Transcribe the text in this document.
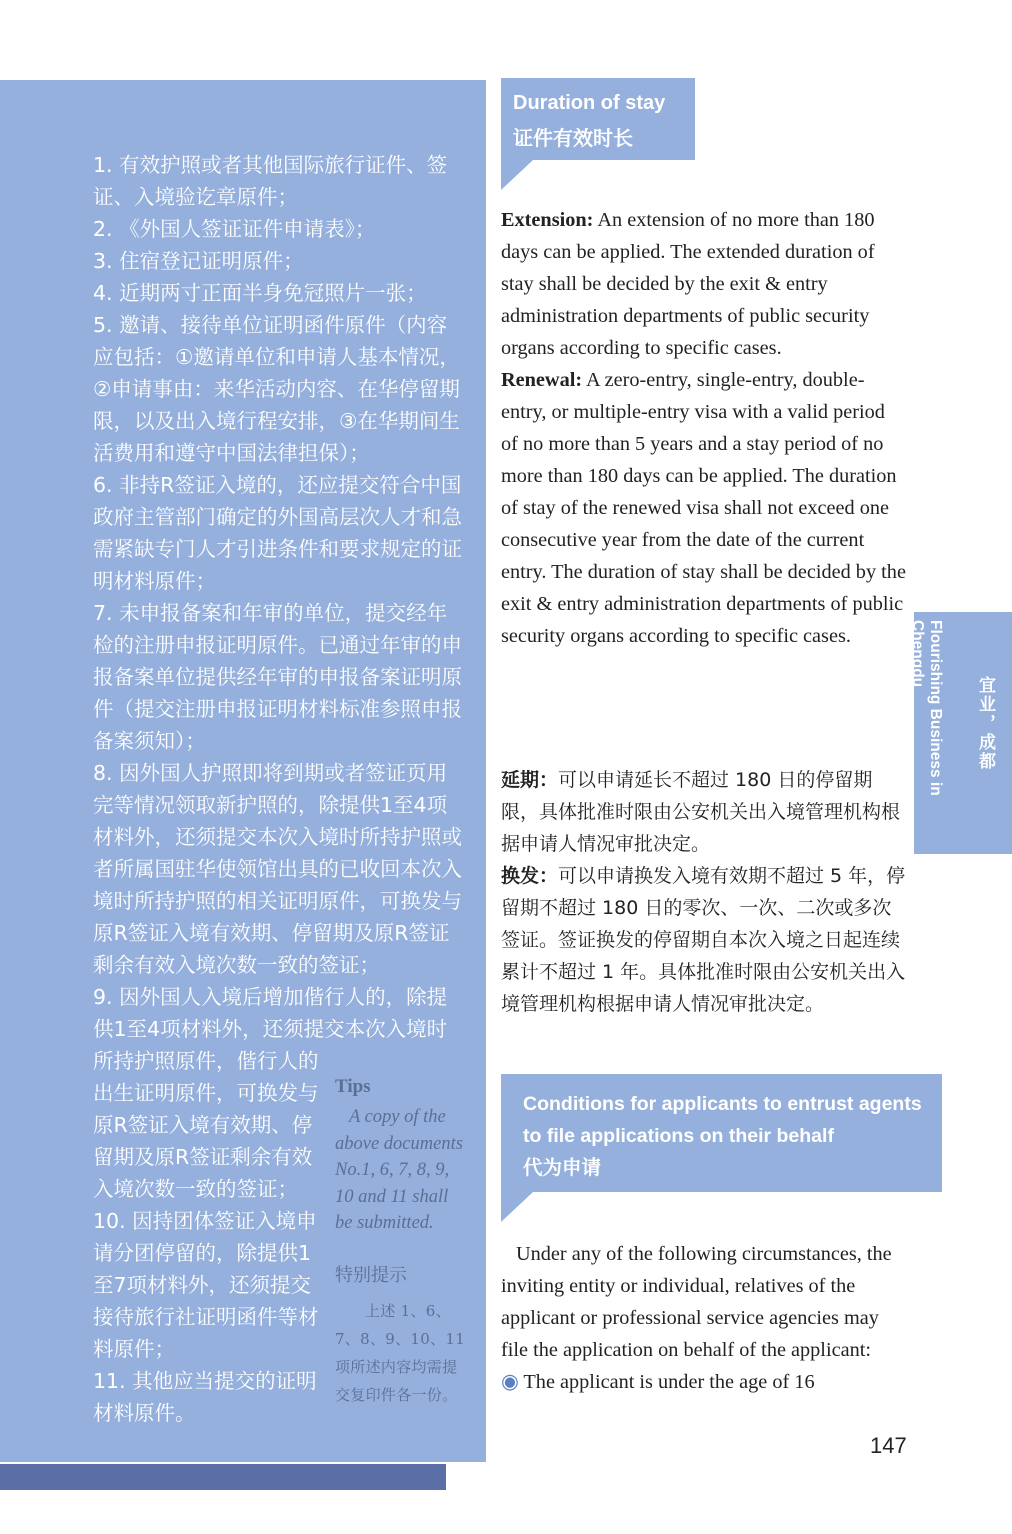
1. 有效护照或者其他国际旅行证件、签证、入境验讫章原件；

2. 《外国人签证证件申请表》；

3. 住宿登记证明原件；

4. 近期两寸正面半身免冠照片一张；

5. 邀请、接待单位证明函件原件（内容应包括：①邀请单位和申请人基本情况，②申请事由：来华活动内容、在华停留期限，以及出入境行程安排，③在华期间生活费用和遵守中国法律担保）；

6. 非持R签证入境的，还应提交符合中国政府主管部门确定的外国高层次人才和急需紧缺专门人才引进条件和要求规定的证明材料原件；

7. 未申报备案和年审的单位，提交经年检的注册申报证明原件。已通过年审的申报备案单位提供经年审的申报备案证明原件（提交注册申报证明材料标准参照申报备案须知）；

8. 因外国人护照即将到期或者签证页用完等情况领取新护照的，除提供1至4项材料外，还须提交本次入境时所持护照或者所属国驻华使领馆出具的已收回本次入境时所持护照的相关证明原件，可换发与原R签证入境有效期、停留期及原R签证剩余有效入境次数一致的签证；

9. 因外国人入境后增加偕行人的，除提供1至4项材料外，还须提交本次入境时所持护照原件，偕行人的

出生证明原件，可换发与原R签证入境有效期、停留期及原R签证剩余有效入境次数一致的签证；

10. 因持团体签证入境申请分团停留的，除提供1至7项材料外，还须提交接待旅行社证明函件等材料原件；

11. 其他应当提交的证明材料原件。

Tips

A copy of the above documents No.1, 6, 7, 8, 9, 10 and 11 shall be submitted.

特别提示

上述 1、6、7、8、9、10、11 项所述内容均需提交复印件各一份。

Duration of stay
证件有效时长

Extension: An extension of no more than 180 days can be applied. The extended duration of stay shall be decided by the exit & entry administration departments of public security organs according to specific cases.

Renewal: A zero-entry, single-entry, double-entry, or multiple-entry visa with a valid period of no more than 5 years and a stay period of no more than 180 days can be applied. The duration of stay of the renewed visa shall not exceed one consecutive year from the date of the current entry. The duration of stay shall be decided by the exit & entry administration departments of public security organs according to specific cases.

延期：可以申请延长不超过 180 日的停留期限，具体批准时限由公安机关出入境管理机构根据申请人情况审批决定。

换发：可以申请换发入境有效期不超过 5 年，停留期不超过 180 日的零次、一次、二次或多次签证。签证换发的停留期自本次入境之日起连续累计不超过 1 年。具体批准时限由公安机关出入境管理机构根据申请人情况审批决定。

Conditions for applicants to entrust agents to file applications on their behalf
代为申请

Under any of the following circumstances, the inviting entity or individual, relatives of the applicant or professional service agencies may file the application on behalf of the applicant:

◉ The applicant is under the age of 16

Flourishing Business in Chengdu
宜业，成都
147
